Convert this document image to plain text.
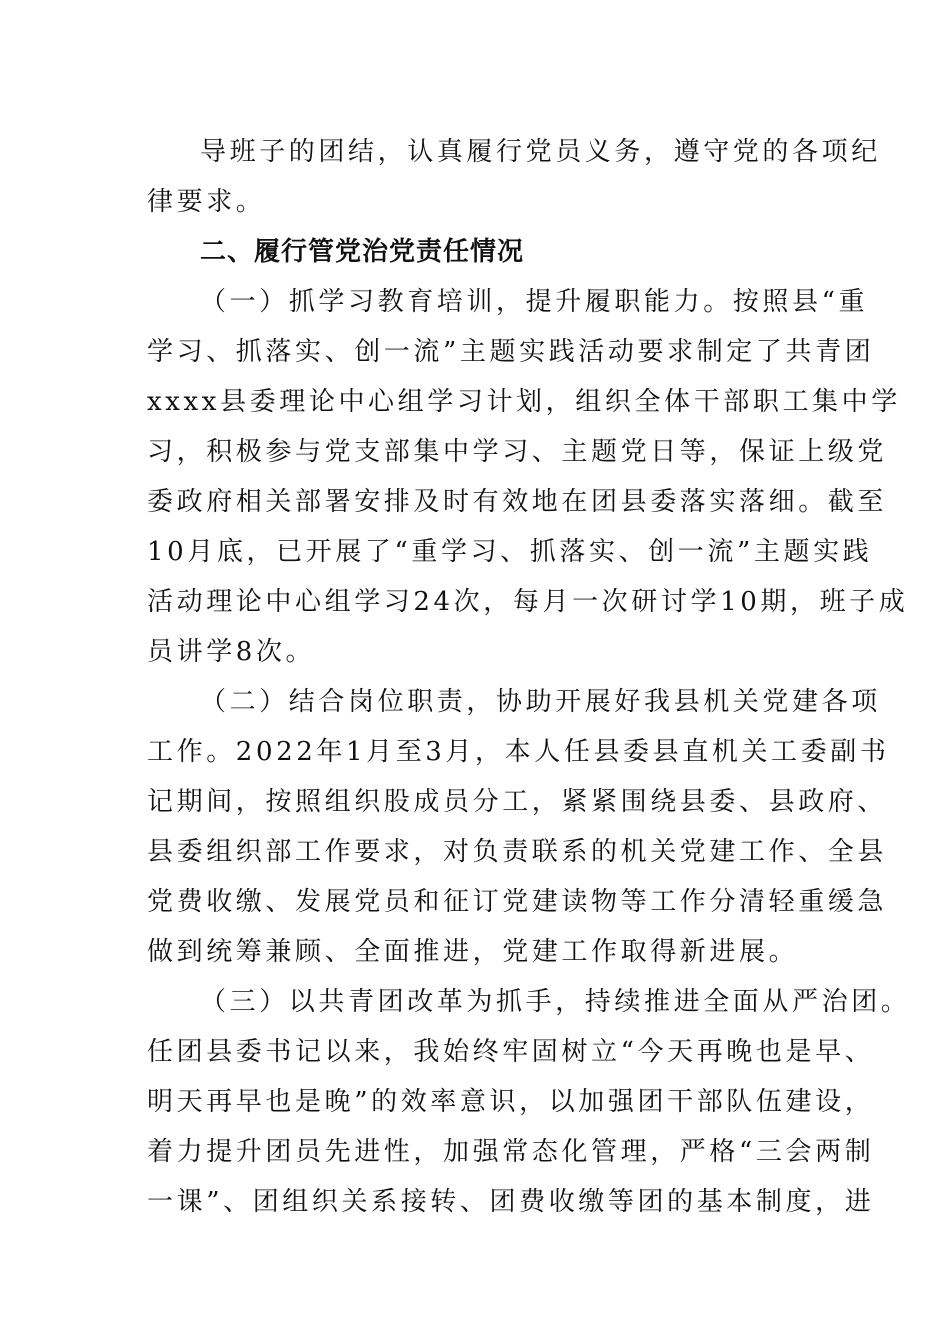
导班子的团结，认真履行党员义务，遵守党的各项纪
律要求。
二、履行管党治党责任情况
（一）抓学习教育培训，提升履职能力。按照县“重
学习、抓落实、创一流”主题实践活动要求制定了共青团
xxxx县委理论中心组学习计划，组织全体干部职工集中学
习，积极参与党支部集中学习、主题党日等，保证上级党
委政府相关部署安排及时有效地在团县委落实落细。截至
10月底，已开展了“重学习、抓落实、创一流”主题实践
活动理论中心组学习24次，每月一次研讨学10期，班子成
员讲学8次。
（二）结合岗位职责，协助开展好我县机关党建各项
工作。2022年1月至3月，本人任县委县直机关工委副书
记期间，按照组织股成员分工，紧紧围绕县委、县政府、
县委组织部工作要求，对负责联系的机关党建工作、全县
党费收缴、发展党员和征订党建读物等工作分清轻重缓急
做到统筹兼顾、全面推进，党建工作取得新进展。
（三）以共青团改革为抓手，持续推进全面从严治团。
任团县委书记以来，我始终牢固树立“今天再晚也是早、
明天再早也是晚”的效率意识，以加强团干部队伍建设，
着力提升团员先进性，加强常态化管理，严格“三会两制
一课”、团组织关系接转、团费收缴等团的基本制度，进
